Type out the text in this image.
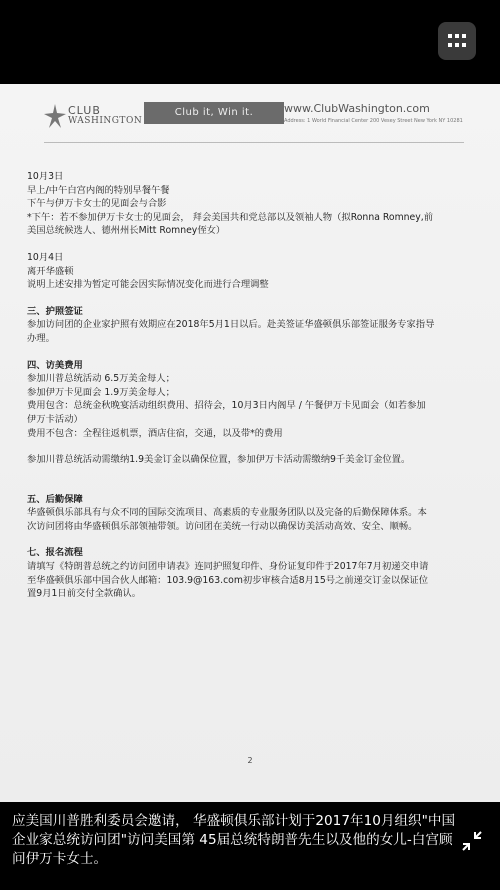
CLUB
WASHINGTON
Club it, Win it.	www.ClubWashington.com
Address: 1 World Financial Center 200 Vesey Street New York NY 10281

10月3日

早上/中午白宫内阁的特别早餐午餐

下午与伊万卡女士的见面会与合影

*下午：若不参加伊万卡女士的见面会， 拜会美国共和党总部以及领袖人物（拟Ronna Romney,前

美国总统候选人、德州州长Mitt Romney侄女）

10月4日

离开华盛顿

说明上述安排为暂定可能会因实际情况变化而进行合理调整

三、护照签证

参加访问团的企业家护照有效期应在2018年5月1日以后。赴美签证华盛顿俱乐部签证服务专家指导

办理。

四、访美费用

参加川普总统活动 6.5万美金每人；

参加伊万卡见面会 1.9万美金每人；

费用包含：总统金秋晚宴活动组织费用、招待会，10月3日内阁早 / 午餐伊万卡见面会（如若参加

伊万卡活动）

费用不包含：全程往返机票，酒店住宿，交通，以及带*的费用

参加川普总统活动需缴纳1.9美金订金以确保位置，参加伊万卡活动需缴纳9千美金订金位置。

五、后勤保障

华盛顿俱乐部具有与众不同的国际交流项目、高素质的专业服务团队以及完备的后勤保障体系。本

次访问团将由华盛顿俱乐部领袖带领。访问团在美统一行动以确保访美活动高效、安全、顺畅。

七、报名流程

请填写《特朗普总统之约访问团申请表》连同护照复印件、身份证复印件于2017年7月初递交申请

至华盛顿俱乐部中国合伙人邮箱：103.9@163.com初步审核合适8月15号之前递交订金以保证位

置9月1日前交付全款确认。

2
应美国川普胜利委员会邀请， 华盛顿俱乐部计划于2017年10月组织"中国企业家总统访问团"访问美国第 45届总统特朗普先生以及他的女儿-白宫顾问伊万卡女士。
